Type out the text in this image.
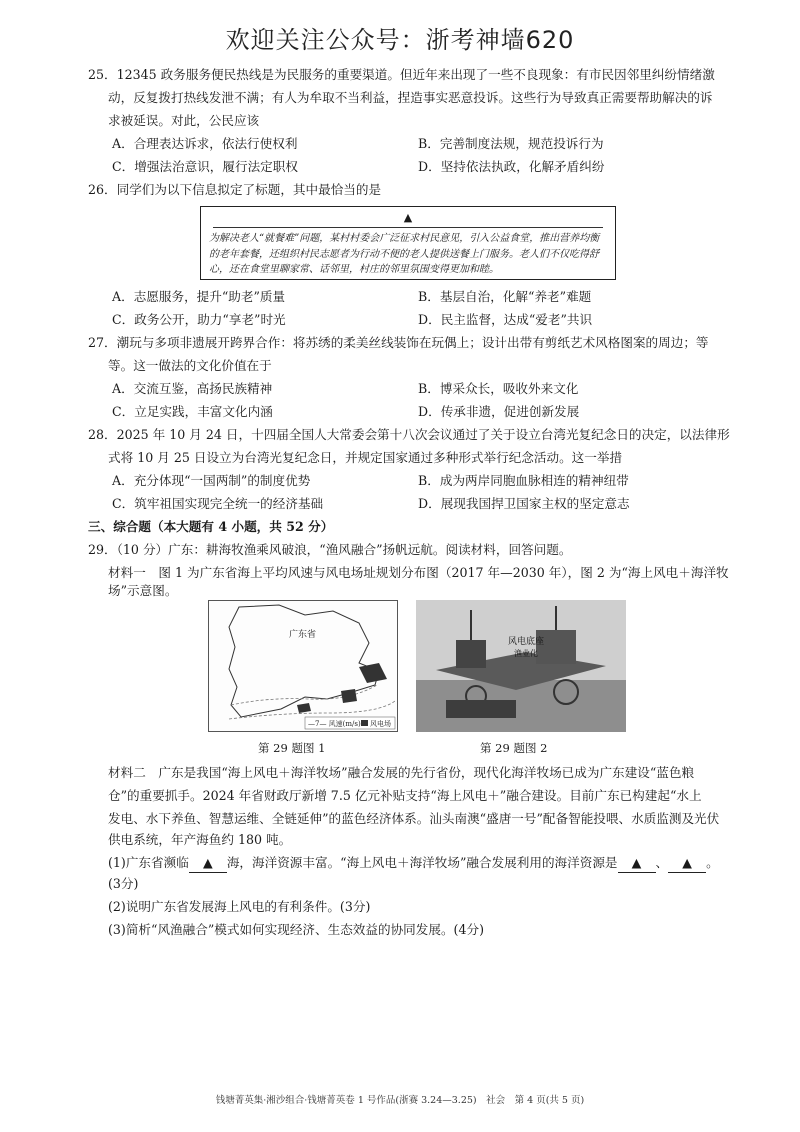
欢迎关注公众号：浙考神墙620
25．12345 政务服务便民热线是为民服务的重要渠道。但近年来出现了一些不良现象：有市民因邻里纠纷情绪激
动，反复拨打热线发泄不满；有人为牟取不当利益，捏造事实恶意投诉。这些行为导致真正需要帮助解决的诉
求被延误。对此，公民应该
A．合理表达诉求，依法行使权利	B．完善制度法规，规范投诉行为
C．增强法治意识，履行法定职权	D．坚持依法执政，化解矛盾纠纷
26．同学们为以下信息拟定了标题，其中最恰当的是
▲
为解决老人“就餐难”问题，某村村委会广泛征求村民意见，引入公益食堂，推出营养均衡的老年套餐，还组织村民志愿者为行动不便的老人提供送餐上门服务。老人们不仅吃得舒心，还在食堂里聊家常、话邻里，村庄的邻里氛围变得更加和睦。
A．志愿服务，提升“助老”质量	B．基层自治，化解“养老”难题
C．政务公开，助力“享老”时光	D．民主监督，达成“爱老”共识
27．潮玩与多项非遗展开跨界合作：将苏绣的柔美丝线装饰在玩偶上；设计出带有剪纸艺术风格图案的周边；等
等。这一做法的文化价值在于
A．交流互鉴，高扬民族精神	B．博采众长，吸收外来文化
C．立足实践，丰富文化内涵	D．传承非遗，促进创新发展
28．2025 年 10 月 24 日，十四届全国人大常委会第十八次会议通过了关于设立台湾光复纪念日的决定，以法律形
式将 10 月 25 日设立为台湾光复纪念日，并规定国家通过多种形式举行纪念活动。这一举措
A．充分体现“一国两制”的制度优势	B．成为两岸同胞血脉相连的精神纽带
C．筑牢祖国实现完全统一的经济基础	D．展现我国捍卫国家主权的坚定意志
三、综合题（本大题有 4 小题，共 52 分）
29．（10 分）广东：耕海牧渔乘风破浪，“渔风融合”扬帆远航。阅读材料，回答问题。
材料一　图 1 为广东省海上平均风速与风电场址规划分布图（2017 年—2030 年），图 2 为“海上风电＋海洋牧
场”示意图。
广东省
—7— 风速(m/s) 风电场
风电底座
渔业化
第 29 题图 1	第 29 题图 2
材料二　广东是我国“海上风电＋海洋牧场”融合发展的先行省份，现代化海洋牧场已成为广东建设“蓝色粮
仓”的重要抓手。2024 年省财政厅新增 7.5 亿元补贴支持“海上风电＋”融合建设。目前广东已构建起“水上
发电、水下养鱼、智慧运维、全链延伸”的蓝色经济体系。汕头南澳“盛唐一号”配备智能投喂、水质监测及光伏
供电系统，年产海鱼约 180 吨。
(1)广东省濒临 ▲ 海，海洋资源丰富。“海上风电＋海洋牧场”融合发展利用的海洋资源是 ▲ 、 ▲ 。
(3分)
(2)说明广东省发展海上风电的有利条件。(3分)
(3)简析“风渔融合”模式如何实现经济、生态效益的协同发展。(4分)
钱塘菁英集·湘沙组合·钱塘菁英卷 1 号作品(浙赛 3.24—3.25)　社会　第 4 页(共 5 页)
